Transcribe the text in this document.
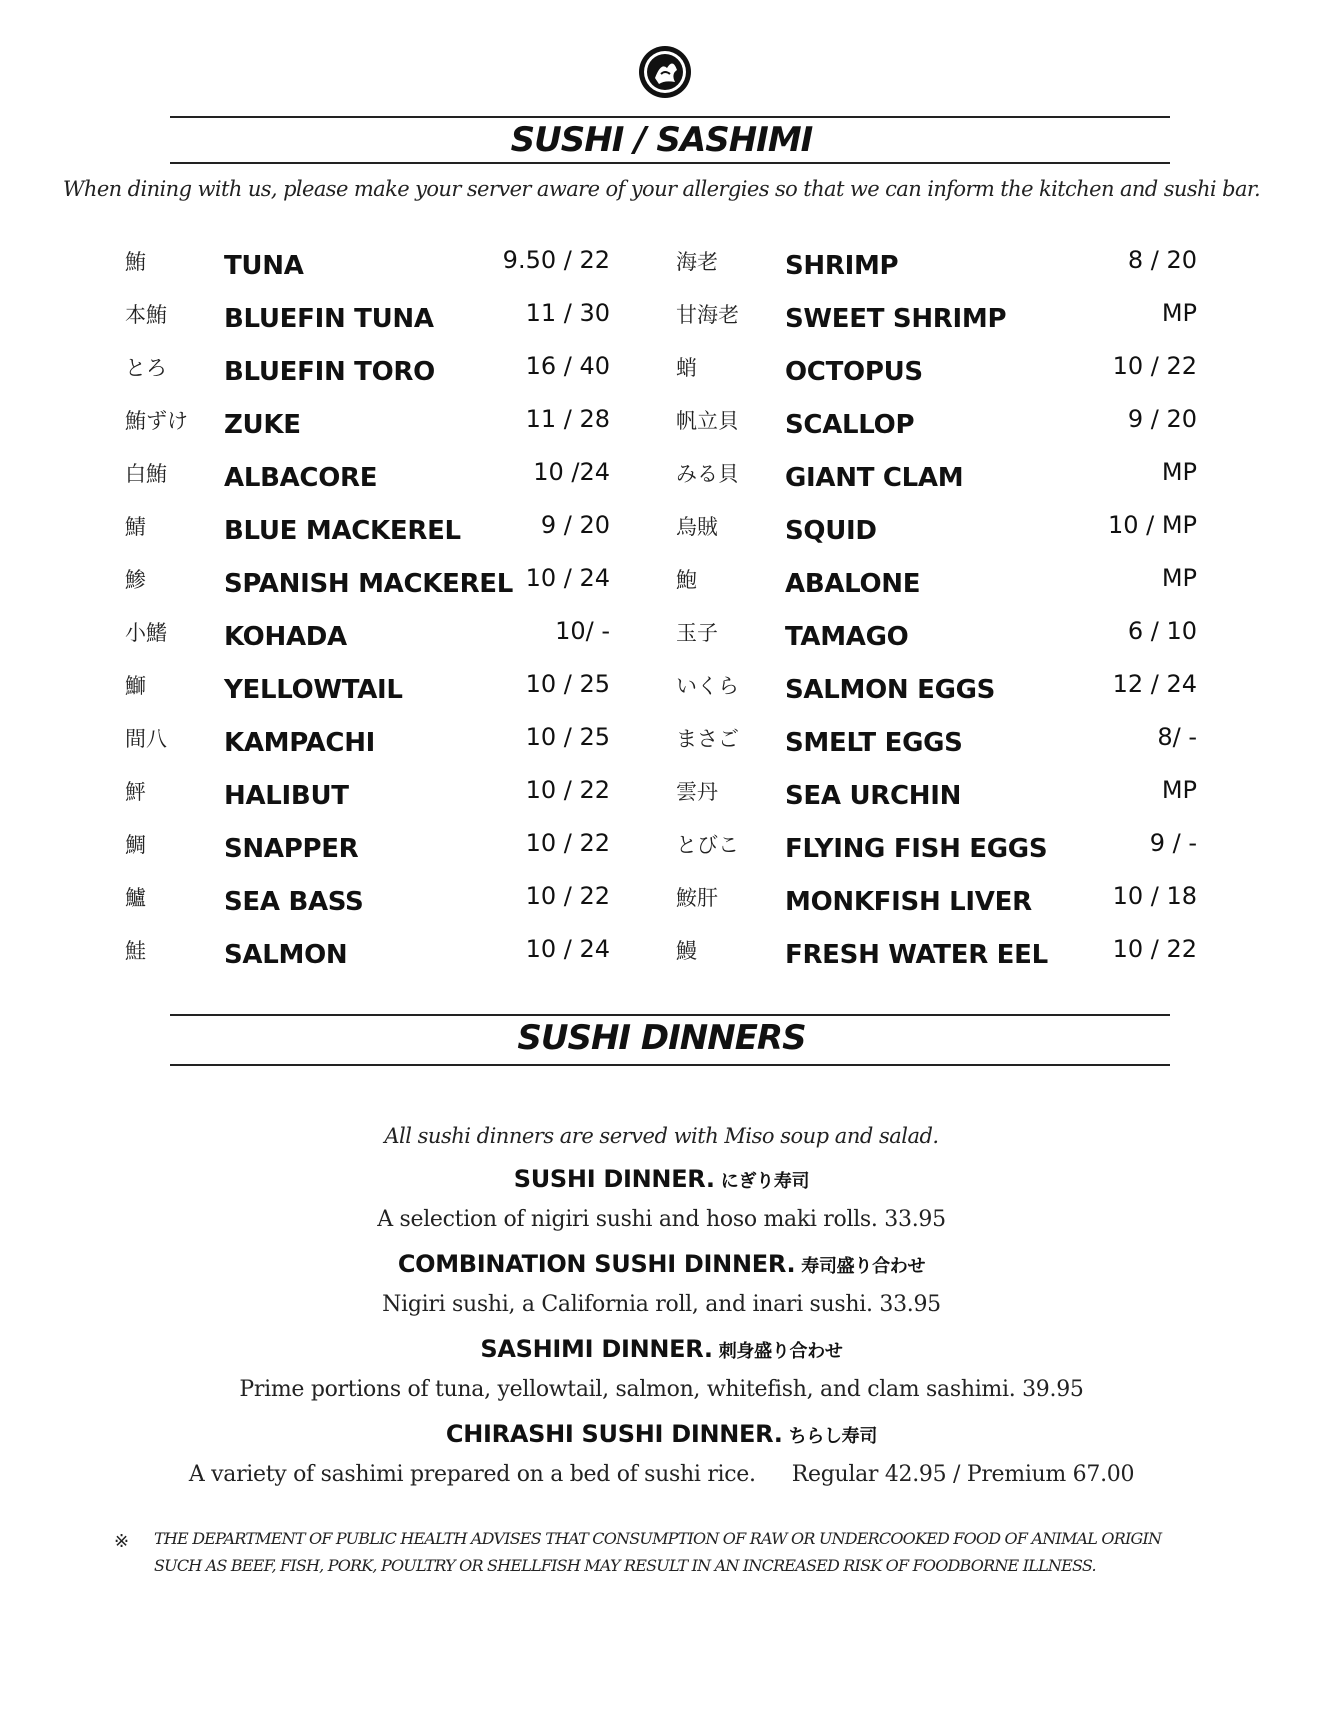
SUSHI / SASHIMI
When dining with us, please make your server aware of your allergies so that we can inform the kitchen and sushi bar.
鮪	TUNA	9.50 / 22
本鮪 BLUEFIN TUNA	11 / 30
とろ BLUEFIN TORO	16 / 40
鮪ずけ ZUKE	11 / 28
白鮪 ALBACORE	10 /24
鯖	BLUE MACKEREL	9 / 20
鯵	SPANISH MACKEREL 10 / 24
小鰭 KOHADA	10/ -
鰤	YELLOWTAIL	10 / 25
間八 KAMPACHI	10 / 25
鮃	HALIBUT	10 / 22
鯛	SNAPPER	10 / 22
鱸	SEA BASS	10 / 22
鮭	SALMON	10 / 24
海老	SHRIMP	8 / 20
甘海老 SWEET SHRIMP	MP
蛸	OCTOPUS	10 / 22
帆立貝 SCALLOP	9 / 20
みる貝 GIANT CLAM	MP
烏賊	SQUID	10 / MP
鮑	ABALONE	MP
玉子	TAMAGO	6 / 10
いくら SALMON EGGS	12 / 24
まさご SMELT EGGS	8/ -
雲丹	SEA URCHIN	MP
とびこ FLYING FISH EGGS	9 / -
鮟肝	MONKFISH LIVER	10 / 18
鰻	FRESH WATER EEL	10 / 22
SUSHI DINNERS
All sushi dinners are served with Miso soup and salad.
SUSHI DINNER. にぎり寿司
A selection of nigiri sushi and hoso maki rolls. 33.95
COMBINATION SUSHI DINNER. 寿司盛り合わせ
Nigiri sushi, a California roll, and inari sushi. 33.95
SASHIMI DINNER. 刺身盛り合わせ
Prime portions of tuna, yellowtail, salmon, whitefish, and clam sashimi. 39.95
CHIRASHI SUSHI DINNER. ちらし寿司
A variety of sashimi prepared on a bed of sushi rice. Regular 42.95 / Premium 67.00
※ THE DEPARTMENT OF PUBLIC HEALTH ADVISES THAT CONSUMPTION OF RAW OR UNDERCOOKED FOOD OF ANIMAL ORIGIN
SUCH AS BEEF, FISH, PORK, POULTRY OR SHELLFISH MAY RESULT IN AN INCREASED RISK OF FOODBORNE ILLNESS.
